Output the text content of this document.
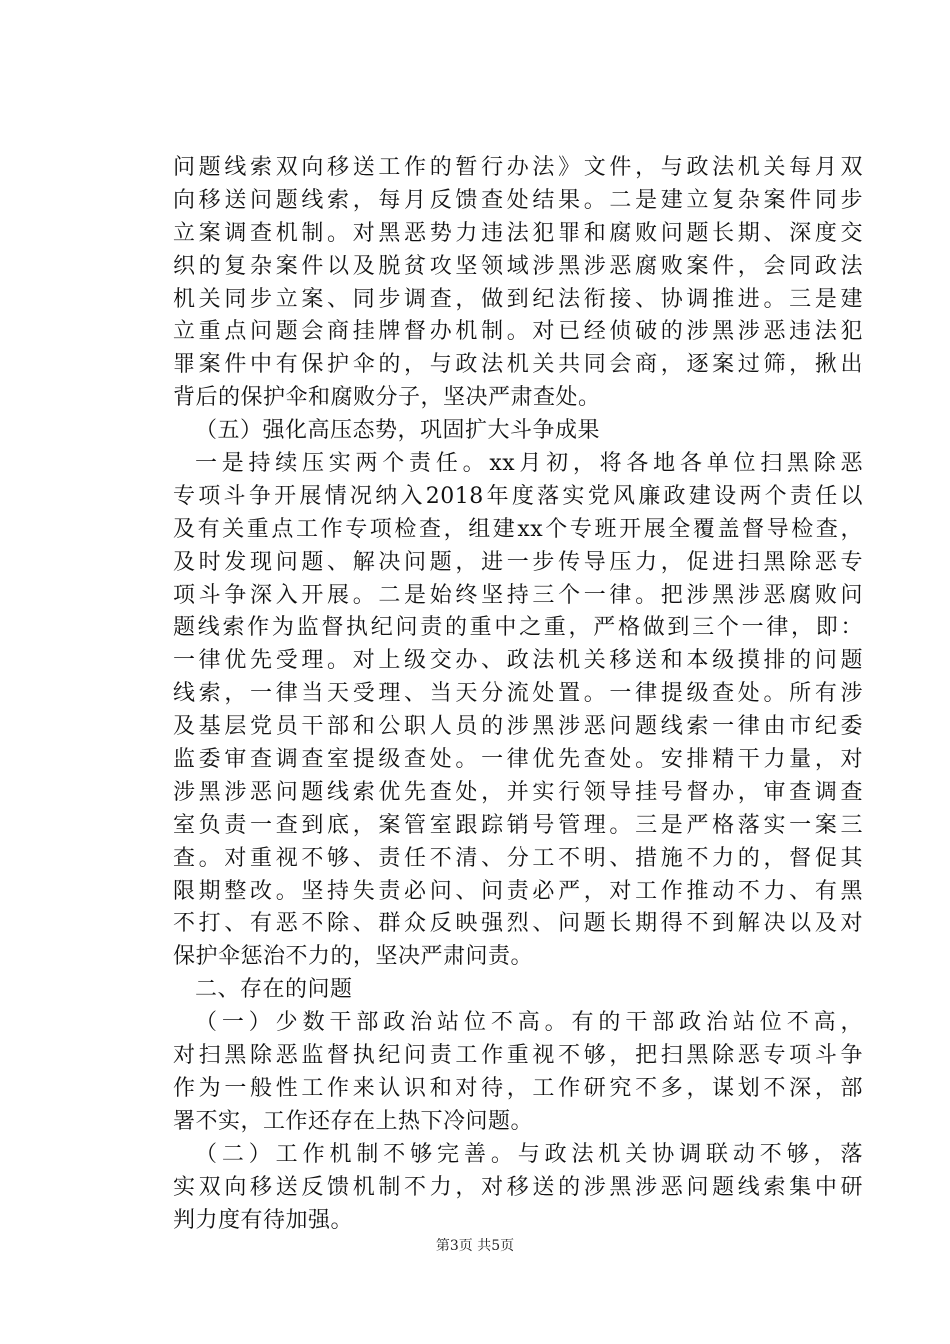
问题线索双向移送工作的暂行办法》文件，与政法机关每月双
向移送问题线索，每月反馈查处结果。二是建立复杂案件同步
立案调查机制。对黑恶势力违法犯罪和腐败问题长期、深度交
织的复杂案件以及脱贫攻坚领域涉黑涉恶腐败案件，会同政法
机关同步立案、同步调查，做到纪法衔接、协调推进。三是建
立重点问题会商挂牌督办机制。对已经侦破的涉黑涉恶违法犯
罪案件中有保护伞的，与政法机关共同会商，逐案过筛，揪出
背后的保护伞和腐败分子，坚决严肃查处。
（五）强化高压态势，巩固扩大斗争成果
一是持续压实两个责任。xx月初，将各地各单位扫黑除恶
专项斗争开展情况纳入2018年度落实党风廉政建设两个责任以
及有关重点工作专项检查，组建xx个专班开展全覆盖督导检查，
及时发现问题、解决问题，进一步传导压力，促进扫黑除恶专
项斗争深入开展。二是始终坚持三个一律。把涉黑涉恶腐败问
题线索作为监督执纪问责的重中之重，严格做到三个一律，即：
一律优先受理。对上级交办、政法机关移送和本级摸排的问题
线索，一律当天受理、当天分流处置。一律提级查处。所有涉
及基层党员干部和公职人员的涉黑涉恶问题线索一律由市纪委
监委审查调查室提级查处。一律优先查处。安排精干力量，对
涉黑涉恶问题线索优先查处，并实行领导挂号督办，审查调查
室负责一查到底，案管室跟踪销号管理。三是严格落实一案三
查。对重视不够、责任不清、分工不明、措施不力的，督促其
限期整改。坚持失责必问、问责必严，对工作推动不力、有黑
不打、有恶不除、群众反映强烈、问题长期得不到解决以及对
保护伞惩治不力的，坚决严肃问责。
二、存在的问题
（一）少数干部政治站位不高。有的干部政治站位不高，
对扫黑除恶监督执纪问责工作重视不够，把扫黑除恶专项斗争
作为一般性工作来认识和对待，工作研究不多，谋划不深，部
署不实，工作还存在上热下冷问题。
（二）工作机制不够完善。与政法机关协调联动不够，落
实双向移送反馈机制不力，对移送的涉黑涉恶问题线索集中研
判力度有待加强。
第3页 共5页
